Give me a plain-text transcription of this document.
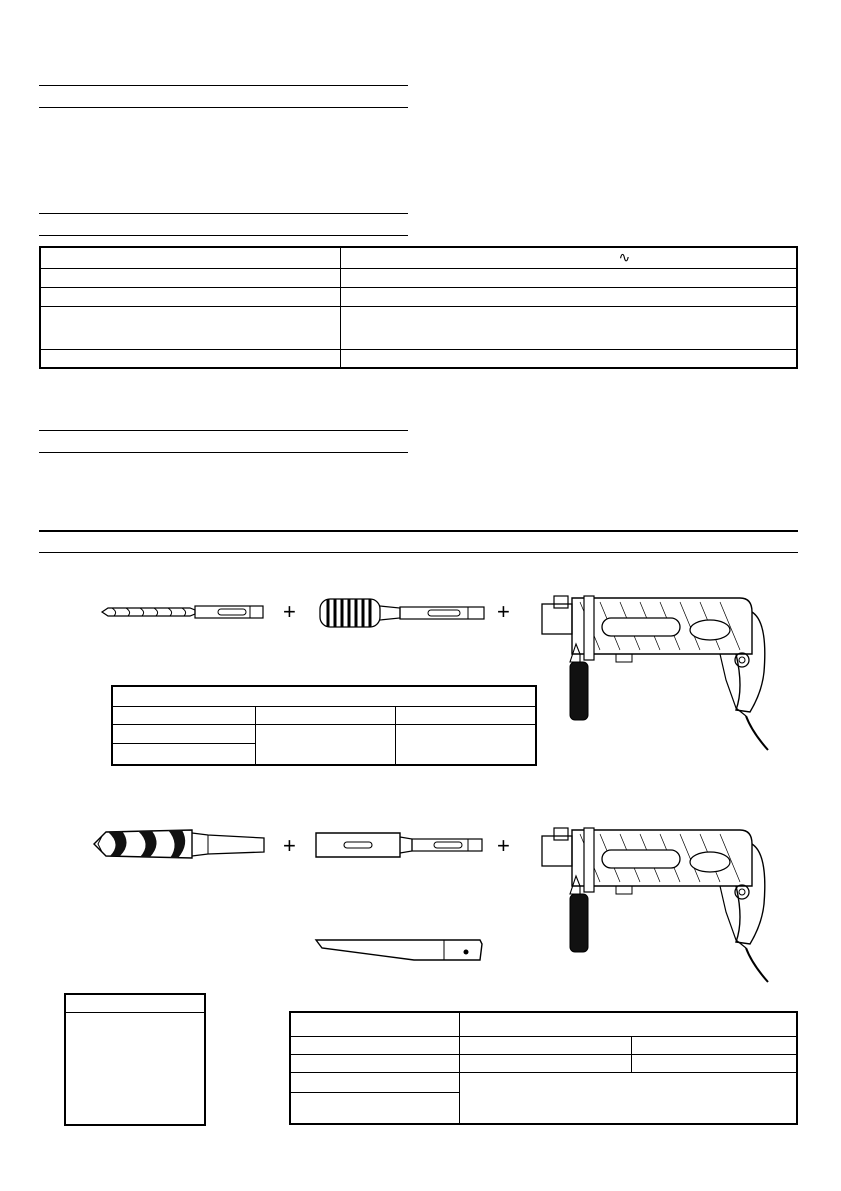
	∿

+	+

+	+
